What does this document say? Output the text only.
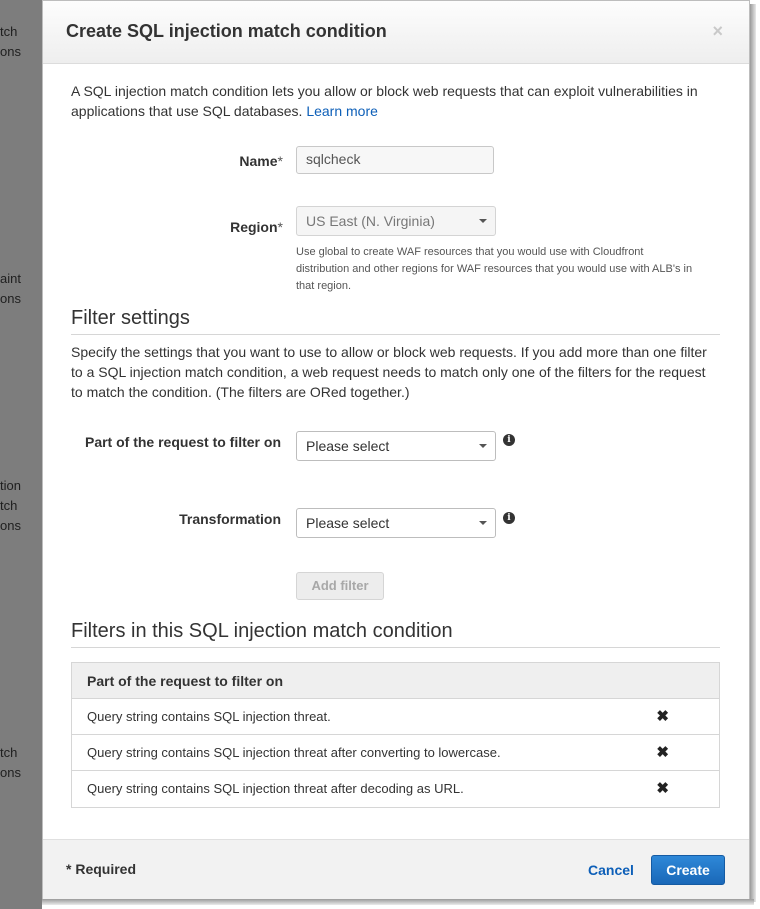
tch
ons
aint
ons
tion
tch
ons
tch
ons
Create SQL injection match condition	×
A SQL injection match condition lets you allow or block web requests that can exploit vulnerabilities in applications that use SQL databases. Learn more
Name*	sqlcheck
Region*	US East (N. Virginia)
Use global to create WAF resources that you would use with Cloudfront distribution and other regions for WAF resources that you would use with ALB's in that region.
Filter settings
Specify the settings that you want to use to allow or block web requests. If you add more than one filter to a SQL injection match condition, a web request needs to match only one of the filters for the request to match the condition. (The filters are ORed together.)
Part of the request to filter on	Please select	i
Transformation	Please select	i
Add filter
Filters in this SQL injection match condition
Part of the request to filter on
Query string contains SQL injection threat.	✖
Query string contains SQL injection threat after converting to lowercase.	✖
Query string contains SQL injection threat after decoding as URL.	✖
* Required	Cancel	Create
